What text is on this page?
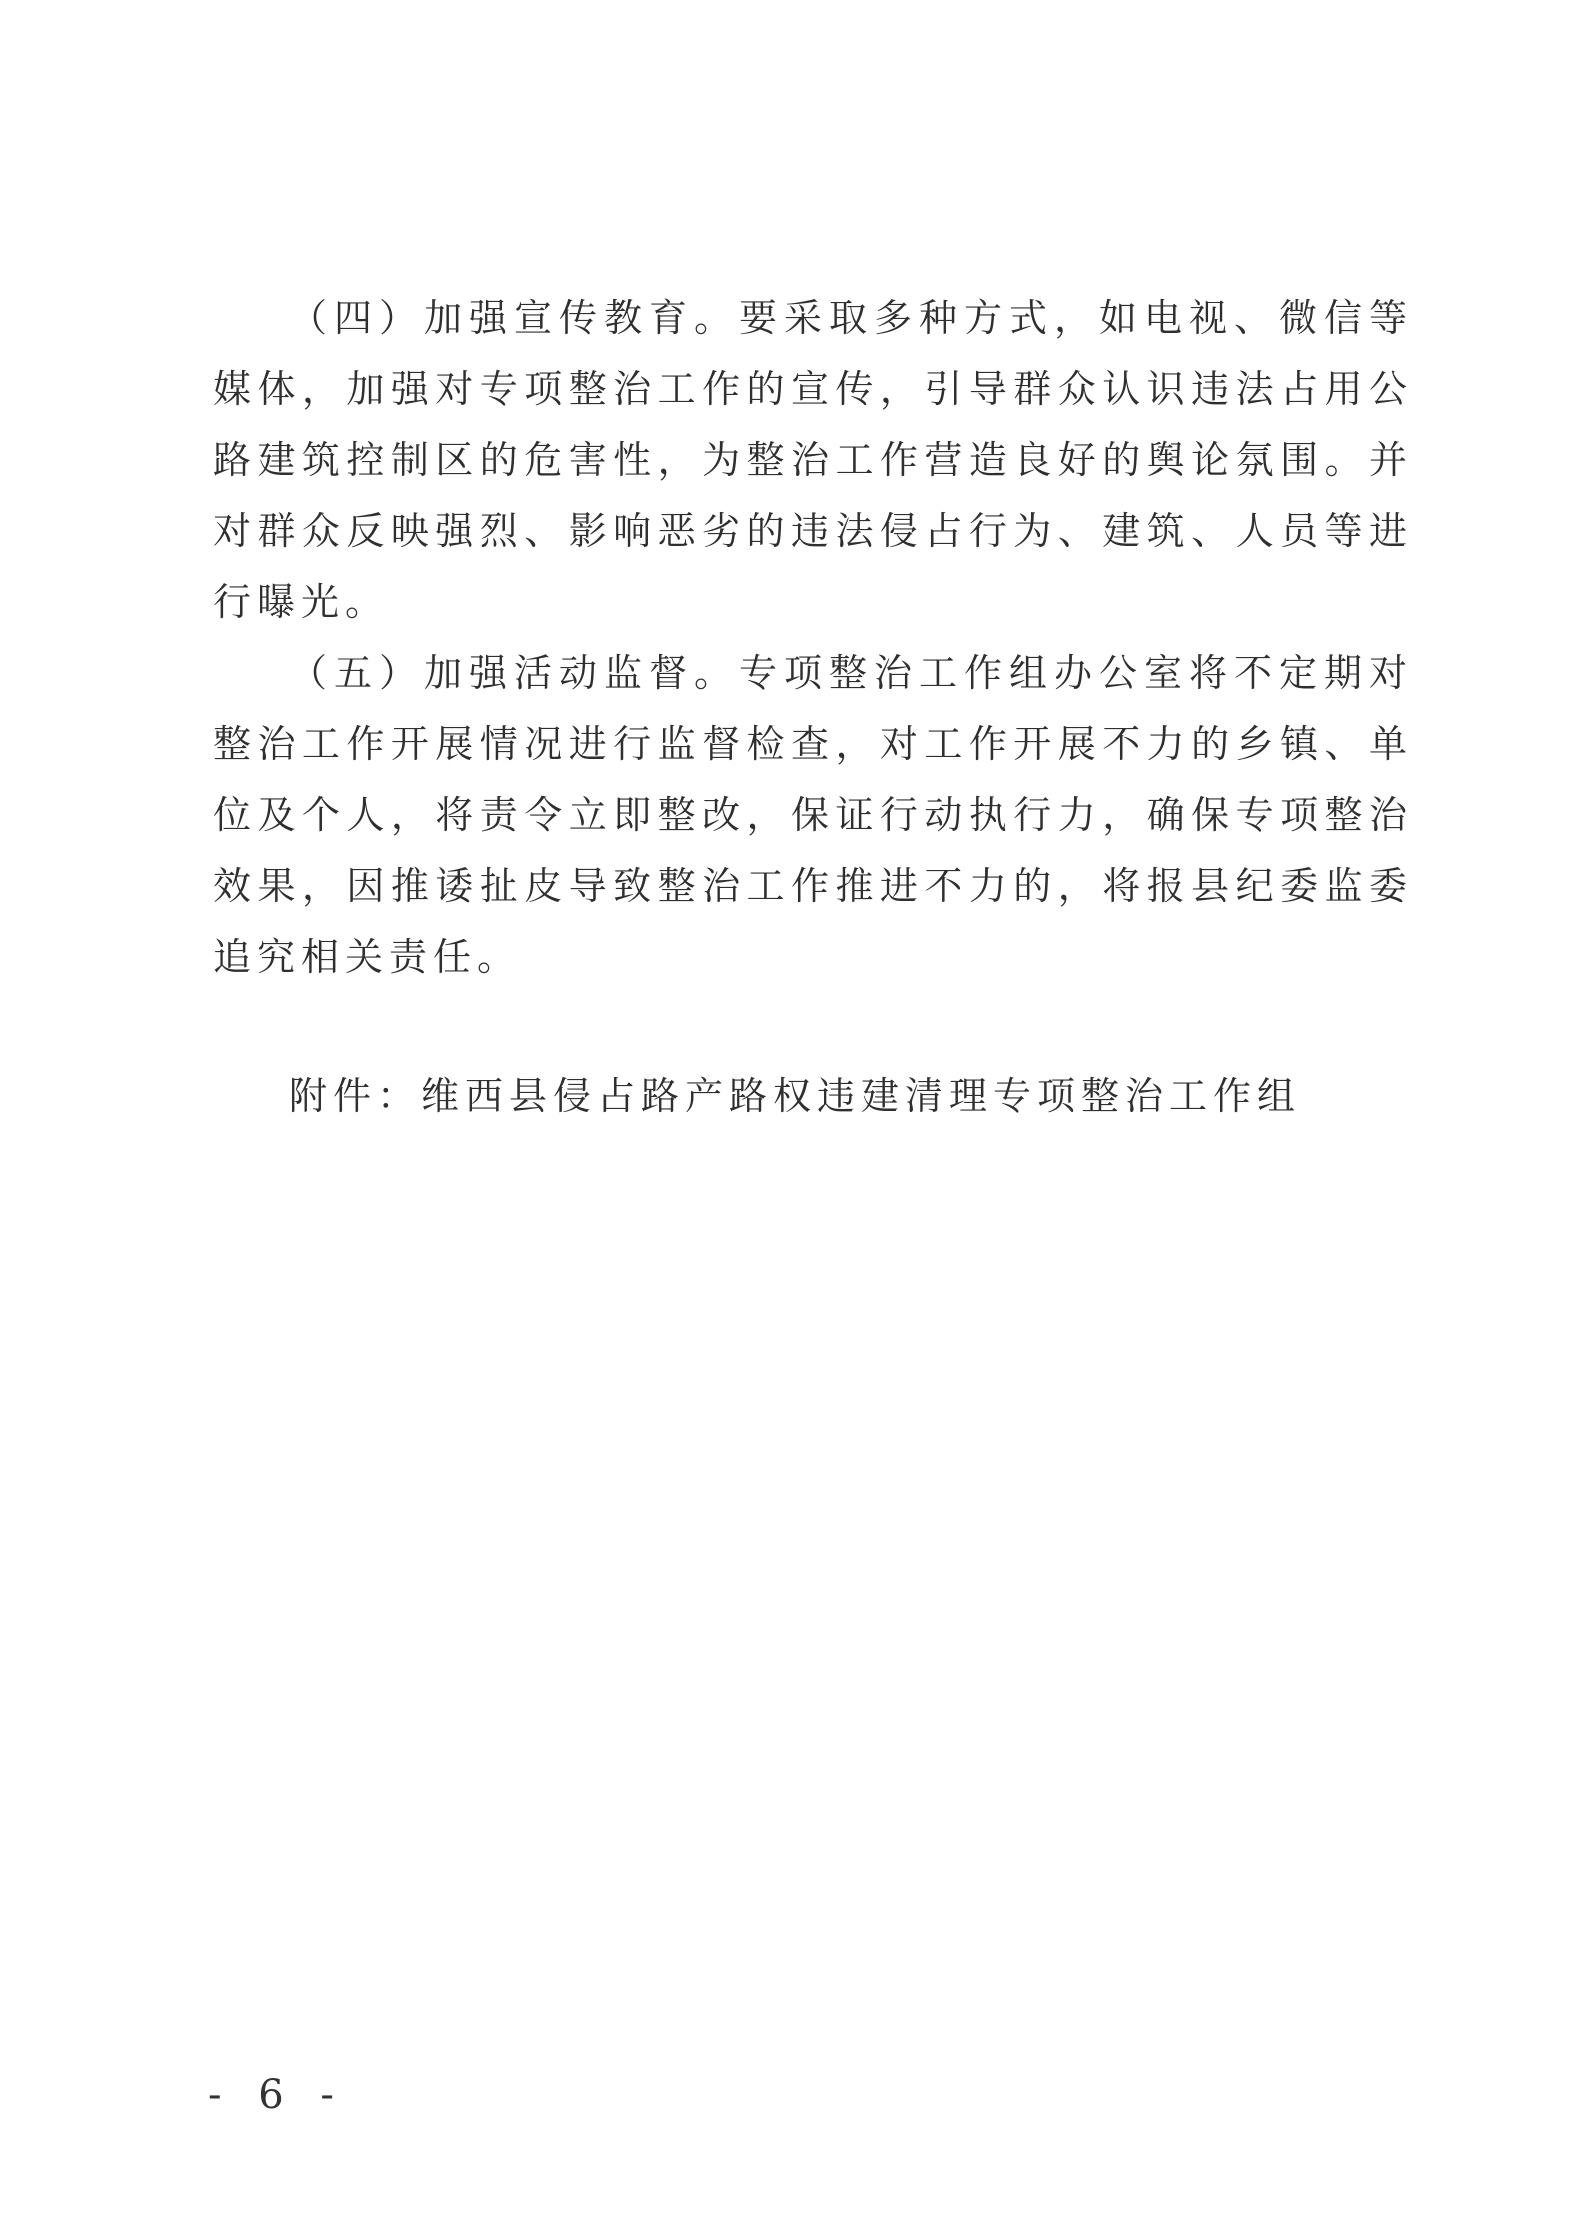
（四）加强宣传教育。要采取多种方式，如电视、微信等媒体，加强对专项整治工作的宣传，引导群众认识违法占用公路建筑控制区的危害性，为整治工作营造良好的舆论氛围。并对群众反映强烈、影响恶劣的违法侵占行为、建筑、人员等进行曝光。

（五）加强活动监督。专项整治工作组办公室将不定期对整治工作开展情况进行监督检查，对工作开展不力的乡镇、单位及个人，将责令立即整改，保证行动执行力，确保专项整治效果，因推诿扯皮导致整治工作推进不力的，将报县纪委监委追究相关责任。

附件：维西县侵占路产路权违建清理专项整治工作组

- 6 -
